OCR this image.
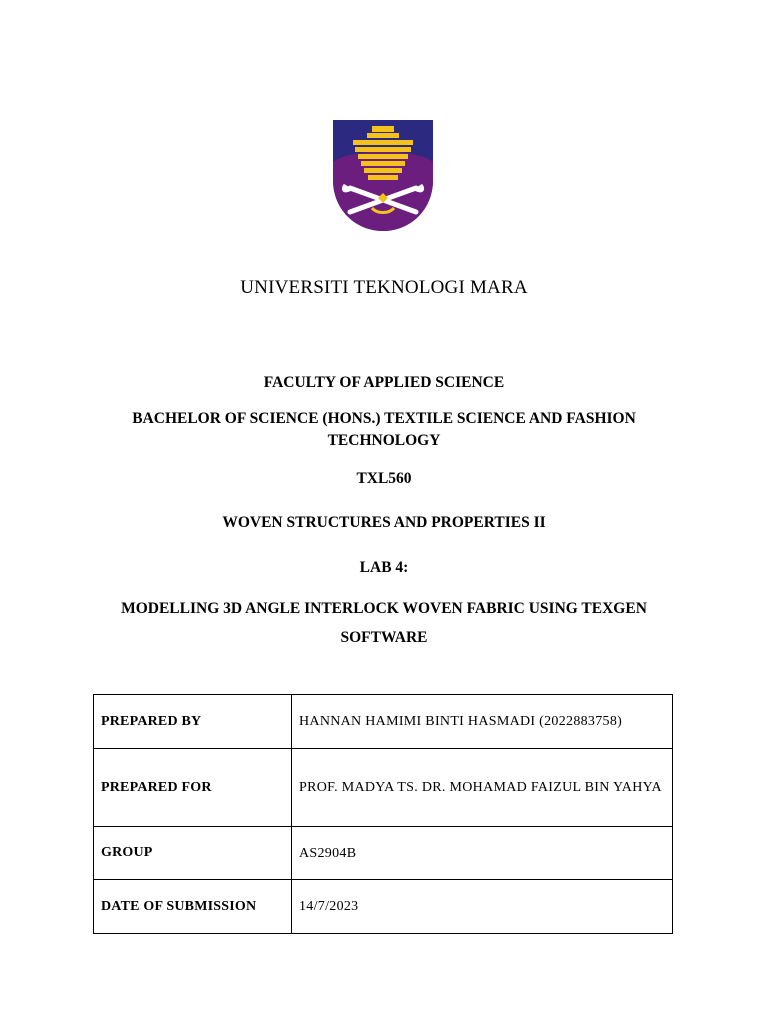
UNIVERSITI TEKNOLOGI MARA
FACULTY OF APPLIED SCIENCE
BACHELOR OF SCIENCE (HONS.) TEXTILE SCIENCE AND FASHION TECHNOLOGY
TXL560
WOVEN STRUCTURES AND PROPERTIES II
LAB 4:
MODELLING 3D ANGLE INTERLOCK WOVEN FABRIC USING TEXGEN SOFTWARE
PREPARED BY	HANNAN HAMIMI BINTI HASMADI (2022883758)
PREPARED FOR	PROF. MADYA TS. DR. MOHAMAD FAIZUL BIN YAHYA
GROUP	AS2904B
DATE OF SUBMISSION	14/7/2023
